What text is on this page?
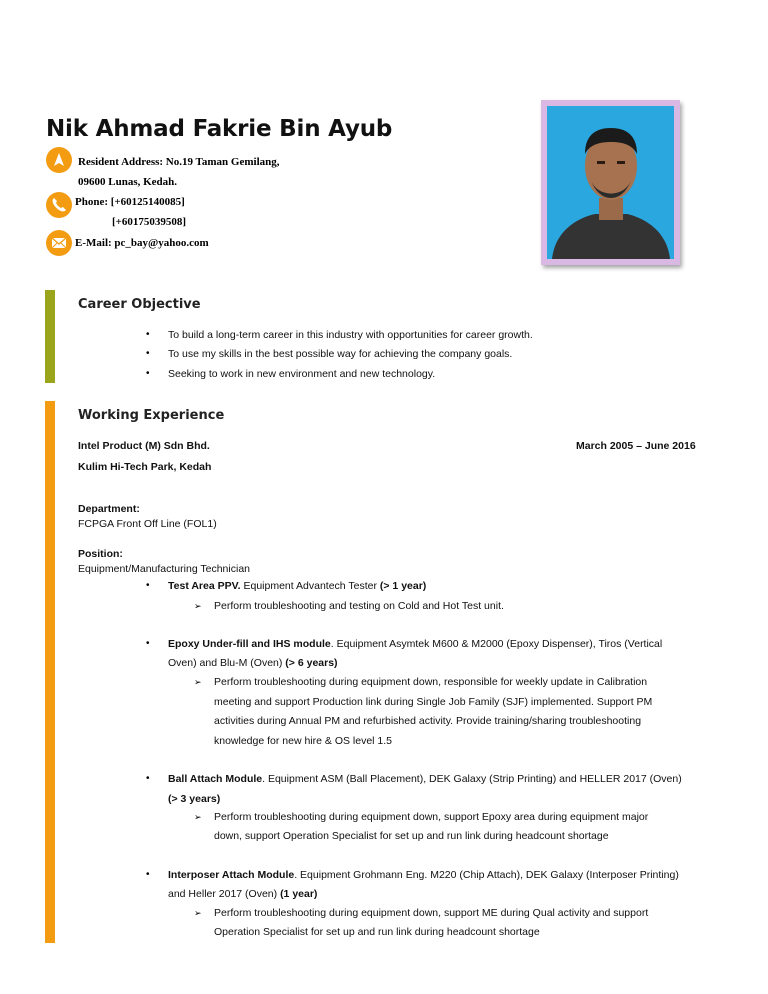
Nik Ahmad Fakrie Bin Ayub
Resident Address: No.19 Taman Gemilang,
09600 Lunas, Kedah.
Phone: [+60125140085]
[+60175039508]
E-Mail: pc_bay@yahoo.com
Career Objective
• To build a long-term career in this industry with opportunities for career growth.
• To use my skills in the best possible way for achieving the company goals.
• Seeking to work in new environment and new technology.
Working Experience
Intel Product (M) Sdn Bhd.	March 2005 – June 2016
Kulim Hi-Tech Park, Kedah
Department:
FCPGA Front Off Line (FOL1)
Position:
Equipment/Manufacturing Technician
• Test Area PPV. Equipment Advantech Tester (> 1 year)
➢ Perform troubleshooting and testing on Cold and Hot Test unit.
• Epoxy Under-fill and IHS module. Equipment Asymtek M600 & M2000 (Epoxy Dispenser), Tiros (Vertical
Oven) and Blu-M (Oven) (> 6 years)
➢ Perform troubleshooting during equipment down, responsible for weekly update in Calibration
meeting and support Production link during Single Job Family (SJF) implemented. Support PM
activities during Annual PM and refurbished activity. Provide training/sharing troubleshooting
knowledge for new hire & OS level 1.5
• Ball Attach Module. Equipment ASM (Ball Placement), DEK Galaxy (Strip Printing) and HELLER 2017 (Oven)
(> 3 years)
➢ Perform troubleshooting during equipment down, support Epoxy area during equipment major
down, support Operation Specialist for set up and run link during headcount shortage
• Interposer Attach Module. Equipment Grohmann Eng. M220 (Chip Attach), DEK Galaxy (Interposer Printing)
and Heller 2017 (Oven) (1 year)
➢ Perform troubleshooting during equipment down, support ME during Qual activity and support
Operation Specialist for set up and run link during headcount shortage
